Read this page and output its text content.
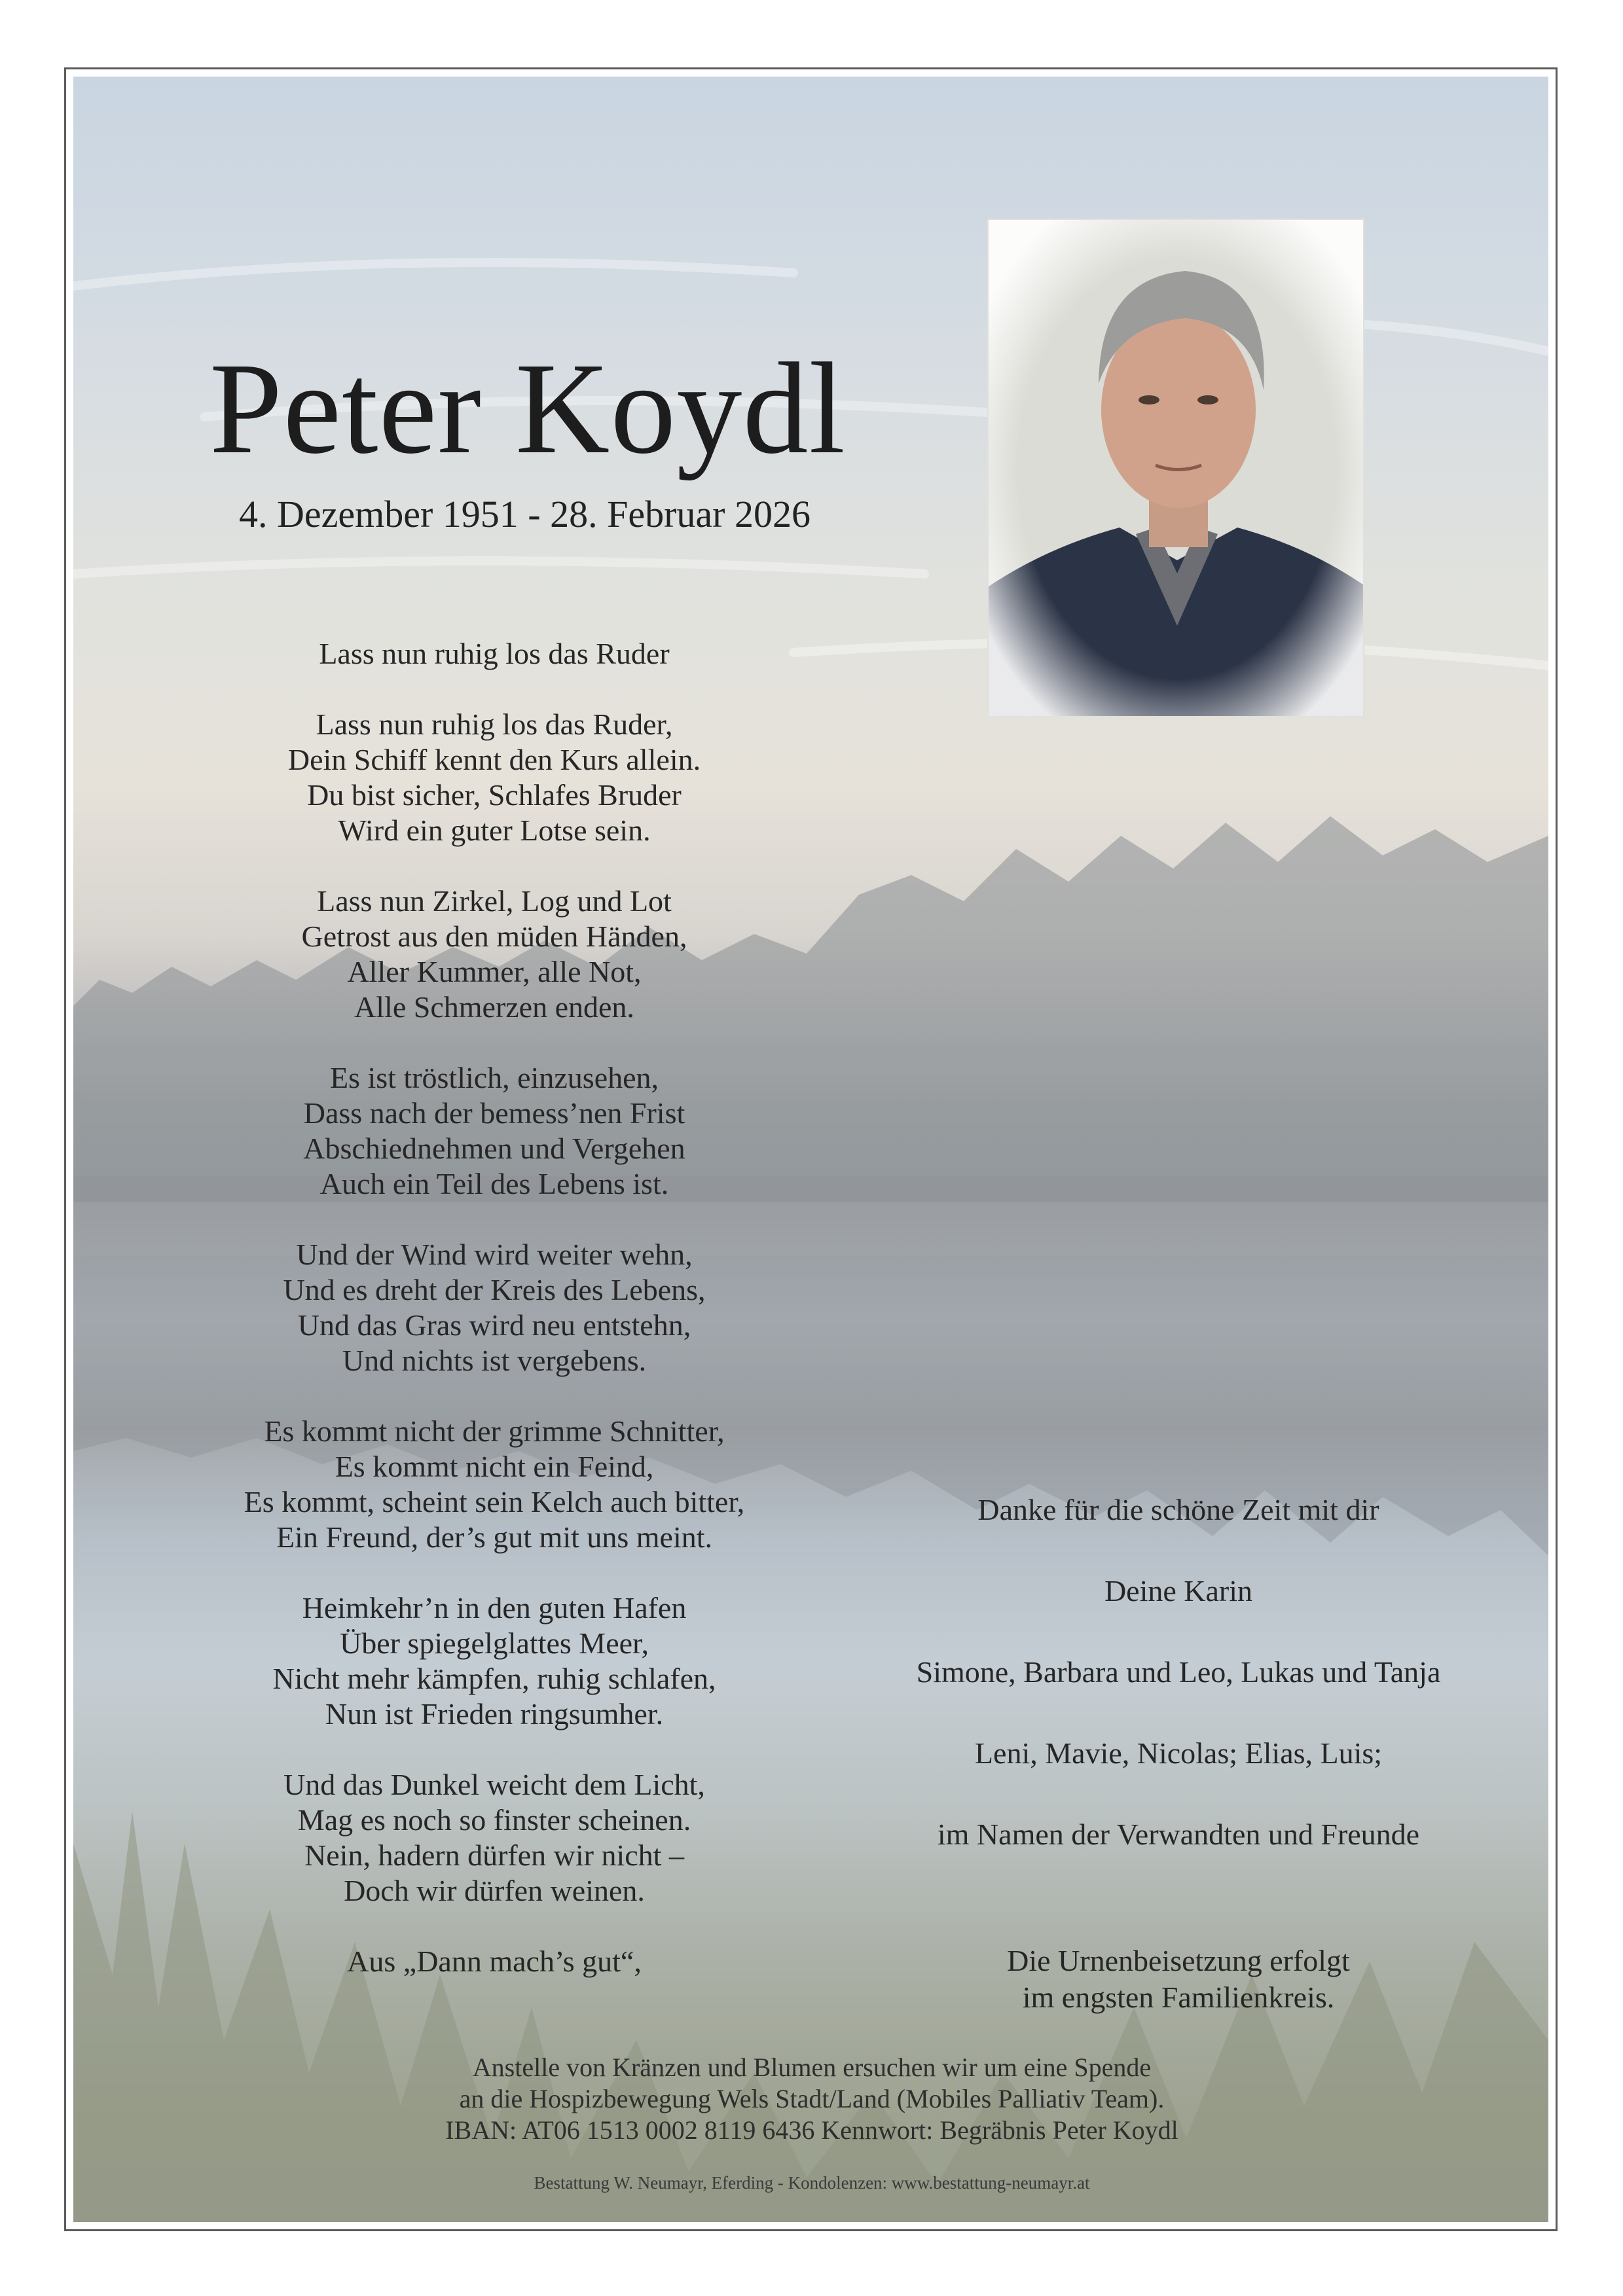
Peter Koydl
4. Dezember 1951 - 28. Februar 2026
Lass nun ruhig los das Ruder
Lass nun ruhig los das Ruder,
Dein Schiff kennt den Kurs allein.
Du bist sicher, Schlafes Bruder
Wird ein guter Lotse sein.
Lass nun Zirkel, Log und Lot
Getrost aus den müden Händen,
Aller Kummer, alle Not,
Alle Schmerzen enden.
Es ist tröstlich, einzusehen,
Dass nach der bemess’nen Frist
Abschiednehmen und Vergehen
Auch ein Teil des Lebens ist.
Und der Wind wird weiter wehn,
Und es dreht der Kreis des Lebens,
Und das Gras wird neu entstehn,
Und nichts ist vergebens.
Es kommt nicht der grimme Schnitter,
Es kommt nicht ein Feind,
Es kommt, scheint sein Kelch auch bitter,
Ein Freund, der’s gut mit uns meint.
Heimkehr’n in den guten Hafen
Über spiegelglattes Meer,
Nicht mehr kämpfen, ruhig schlafen,
Nun ist Frieden ringsumher.
Und das Dunkel weicht dem Licht,
Mag es noch so finster scheinen.
Nein, hadern dürfen wir nicht –
Doch wir dürfen weinen.
Aus „Dann mach’s gut“,
Danke für die schöne Zeit mit dir
Deine Karin
Simone, Barbara und Leo, Lukas und Tanja
Leni, Mavie, Nicolas; Elias, Luis;
im Namen der Verwandten und Freunde
Die Urnenbeisetzung erfolgt
im engsten Familienkreis.
Anstelle von Kränzen und Blumen ersuchen wir um eine Spende
an die Hospizbewegung Wels Stadt/Land (Mobiles Palliativ Team).
IBAN: AT06 1513 0002 8119 6436 Kennwort: Begräbnis Peter Koydl
Bestattung W. Neumayr, Eferding - Kondolenzen: www.bestattung-neumayr.at
